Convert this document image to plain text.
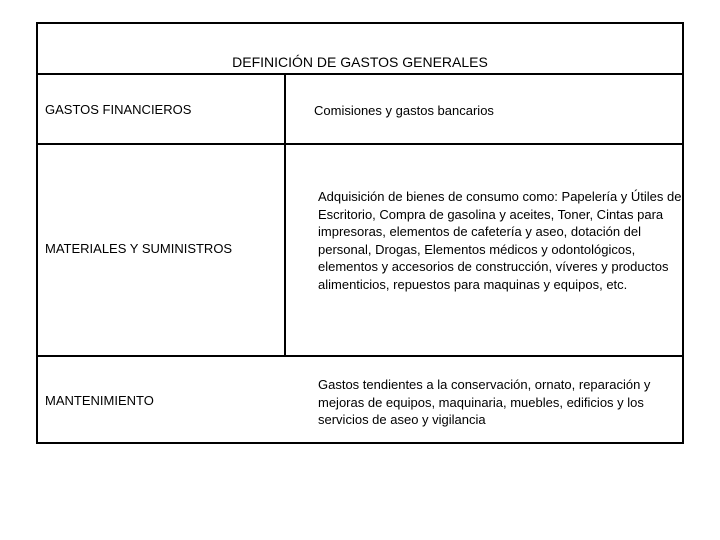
DEFINICIÓN DE GASTOS GENERALES
GASTOS FINANCIEROS	Comisiones y gastos bancarios
MATERIALES Y SUMINISTROS
Adquisición de bienes de consumo como: Papelería y Útiles de Escritorio, Compra de gasolina y aceites, Toner, Cintas para impresoras, elementos de cafetería y aseo, dotación del personal, Drogas, Elementos médicos y odontológicos, elementos y accesorios de construcción, víveres y productos alimenticios, repuestos para maquinas y equipos, etc.
MANTENIMIENTO
Gastos tendientes a la conservación, ornato, reparación y mejoras de equipos, maquinaria, muebles, edificios y los servicios de aseo y vigilancia
